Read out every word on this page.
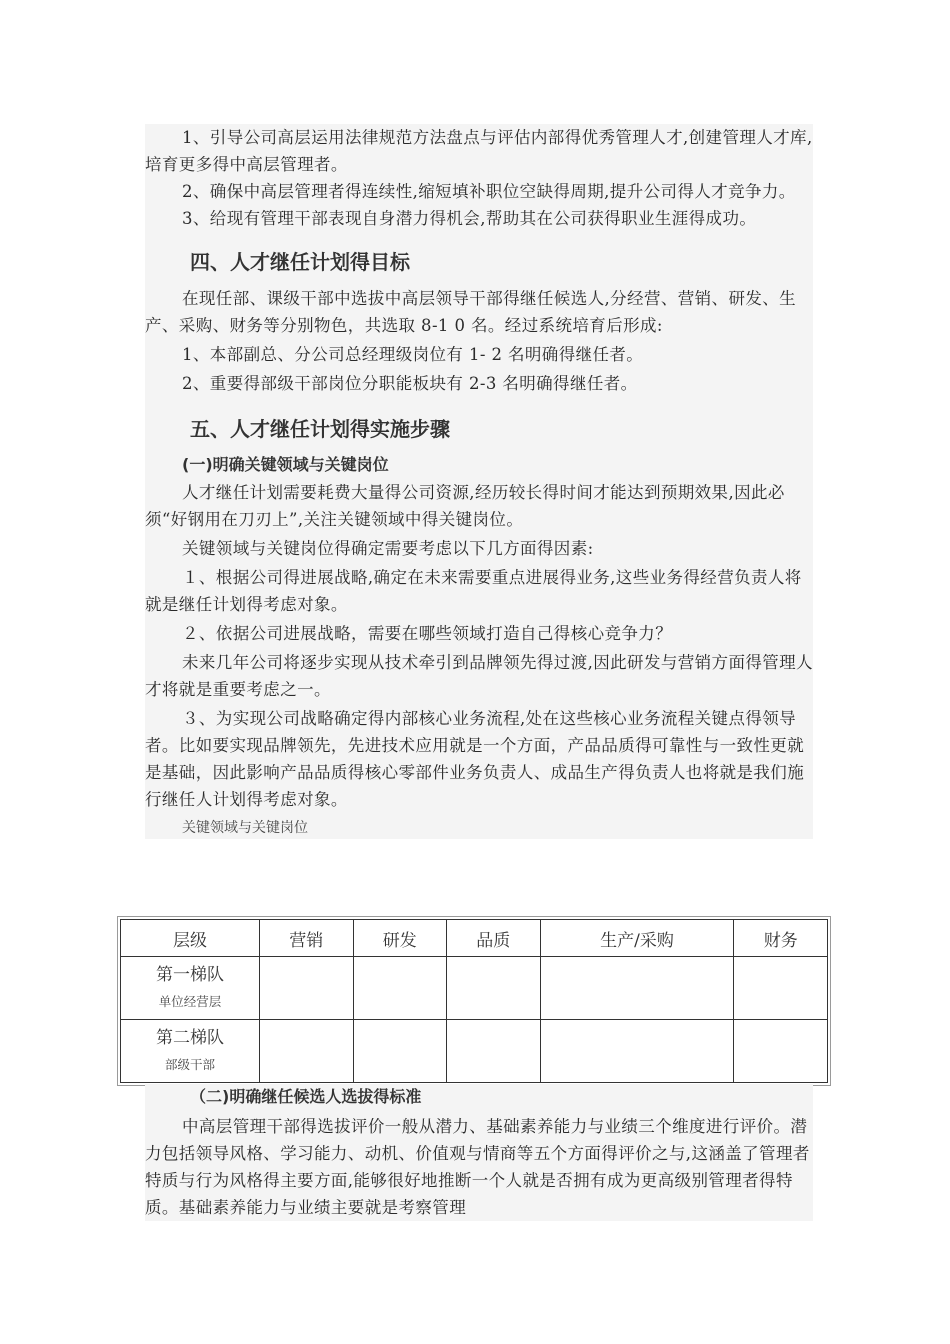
1、引导公司高层运用法律规范方法盘点与评估内部得优秀管理人才,创建管理人才库,培育更多得中高层管理者。

2、确保中高层管理者得连续性,缩短填补职位空缺得周期,提升公司得人才竞争力。

3、给现有管理干部表现自身潜力得机会,帮助其在公司获得职业生涯得成功。

四、人才继任计划得目标

在现任部、课级干部中选拔中高层领导干部得继任候选人,分经营、营销、研发、生产、采购、财务等分别物色，共选取 8-1 0 名。经过系统培育后形成:

1、本部副总、分公司总经理级岗位有 1- 2 名明确得继任者。

2、重要得部级干部岗位分职能板块有 2-3 名明确得继任者。

五、人才继任计划得实施步骤
(一)明确关键领域与关键岗位

人才继任计划需要耗费大量得公司资源,经历较长得时间才能达到预期效果,因此必须“好钢用在刀刃上”,关注关键领域中得关键岗位。

关键领域与关键岗位得确定需要考虑以下几方面得因素:

１、根据公司得进展战略,确定在未来需要重点进展得业务,这些业务得经营负责人将就是继任计划得考虑对象。

２、依据公司进展战略，需要在哪些领域打造自己得核心竞争力？

未来几年公司将逐步实现从技术牵引到品牌领先得过渡,因此研发与营销方面得管理人才将就是重要考虑之一。

３、为实现公司战略确定得内部核心业务流程,处在这些核心业务流程关键点得领导者。比如要实现品牌领先，先进技术应用就是一个方面，产品品质得可靠性与一致性更就是基础，因此影响产品品质得核心零部件业务负责人、成品生产得负责人也将就是我们施行继任人计划得考虑对象。

关键领域与关键岗位
层级	营销	研发	品质	生产/采购	财务

第一梯队
单位经营层					

第二梯队
部级干部					

（二)明确继任候选人选拔得标准

中高层管理干部得选拔评价一般从潜力、基础素养能力与业绩三个维度进行评价。潜力包括领导风格、学习能力、动机、价值观与情商等五个方面得评价之与,这涵盖了管理者特质与行为风格得主要方面,能够很好地推断一个人就是否拥有成为更高级别管理者得特质。基础素养能力与业绩主要就是考察管理
